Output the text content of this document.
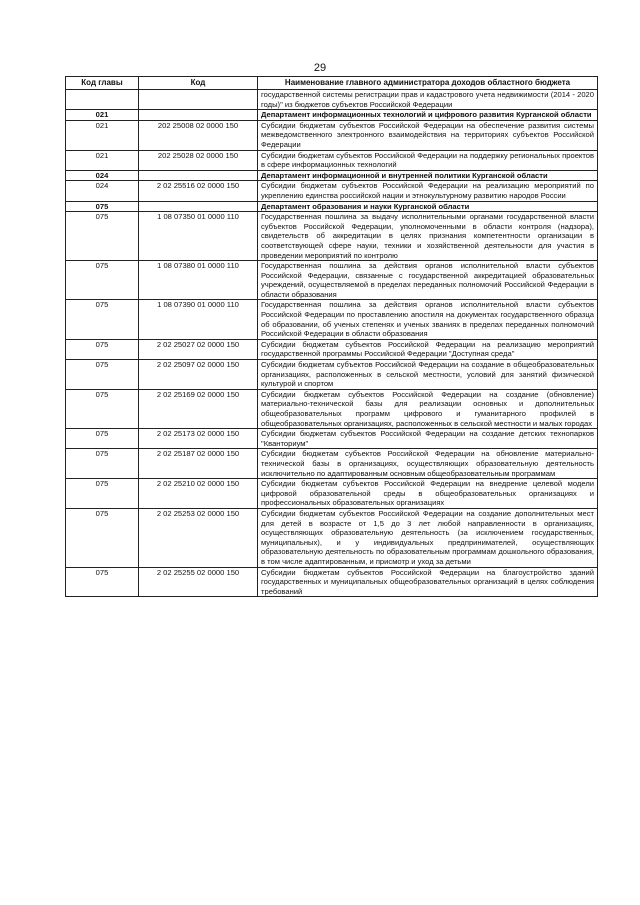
29
Код главы	Код	Наименование главного администратора доходов областного бюджета
		государственной системы регистрации прав и кадастрового учета недвижимости (2014 - 2020 годы)" из бюджетов субъектов Российской Федерации
021		Департамент информационных технологий и цифрового развития Курганской области
021	202 25008 02 0000 150	Субсидии бюджетам субъектов Российской Федерации на обеспечение развития системы межведомственного электронного взаимодействия на территориях субъектов Российской Федерации
021	202 25028 02 0000 150	Субсидии бюджетам субъектов Российской Федерации на поддержку региональных проектов в сфере информационных технологий
024		Департамент информационной и внутренней политики Курганской области
024	2 02 25516 02 0000 150	Субсидии бюджетам субъектов Российской Федерации на реализацию мероприятий по укреплению единства российской нации и этнокультурному развитию народов России
075		Департамент образования и науки Курганской области
075	1 08 07350 01 0000 110	Государственная пошлина за выдачу исполнительными органами государственной власти субъектов Российской Федерации, уполномоченными в области контроля (надзора), свидетельств об аккредитации в целях признания компетентности организации в соответствующей сфере науки, техники и хозяйственной деятельности для участия в проведении мероприятий по контролю
075	1 08 07380 01 0000 110	Государственная пошлина за действия органов исполнительной власти субъектов Российской Федерации, связанные с государственной аккредитацией образовательных учреждений, осуществляемой в пределах переданных полномочий Российской Федерации в области образования
075	1 08 07390 01 0000 110	Государственная пошлина за действия органов исполнительной власти субъектов Российской Федерации по проставлению апостиля на документах государственного образца об образовании, об ученых степенях и ученых званиях в пределах переданных полномочий Российской Федерации в области образования
075	2 02 25027 02 0000 150	Субсидии бюджетам субъектов Российской Федерации на реализацию мероприятий государственной программы Российской Федерации "Доступная среда"
075	2 02 25097 02 0000 150	Субсидии бюджетам субъектов Российской Федерации на создание в общеобразовательных организациях, расположенных в сельской местности, условий для занятий физической культурой и спортом
075	2 02 25169 02 0000 150	Субсидии бюджетам субъектов Российской Федерации на создание (обновление) материально-технической базы для реализации основных и дополнительных общеобразовательных программ цифрового и гуманитарного профилей в общеобразовательных организациях, расположенных в сельской местности и малых городах
075	2 02 25173 02 0000 150	Субсидии бюджетам субъектов Российской Федерации на создание детских технопарков "Кванториум"
075	2 02 25187 02 0000 150	Субсидии бюджетам субъектов Российской Федерации на обновление материально-технической базы в организациях, осуществляющих образовательную деятельность исключительно по адаптированным основным общеобразовательным программам
075	2 02 25210 02 0000 150	Субсидии бюджетам субъектов Российской Федерации на внедрение целевой модели цифровой образовательной среды в общеобразовательных организациях и профессиональных образовательных организациях
075	2 02 25253 02 0000 150	Субсидии бюджетам субъектов Российской Федерации на создание дополнительных мест для детей в возрасте от 1,5 до 3 лет любой направленности в организациях, осуществляющих образовательную деятельность (за исключением государственных, муниципальных), и у индивидуальных предпринимателей, осуществляющих образовательную деятельность по образовательным программам дошкольного образования, в том числе адаптированным, и присмотр и уход за детьми
075	2 02 25255 02 0000 150	Субсидии бюджетам субъектов Российской Федерации на благоустройство зданий государственных и муниципальных общеобразовательных организаций в целях соблюдения требований
